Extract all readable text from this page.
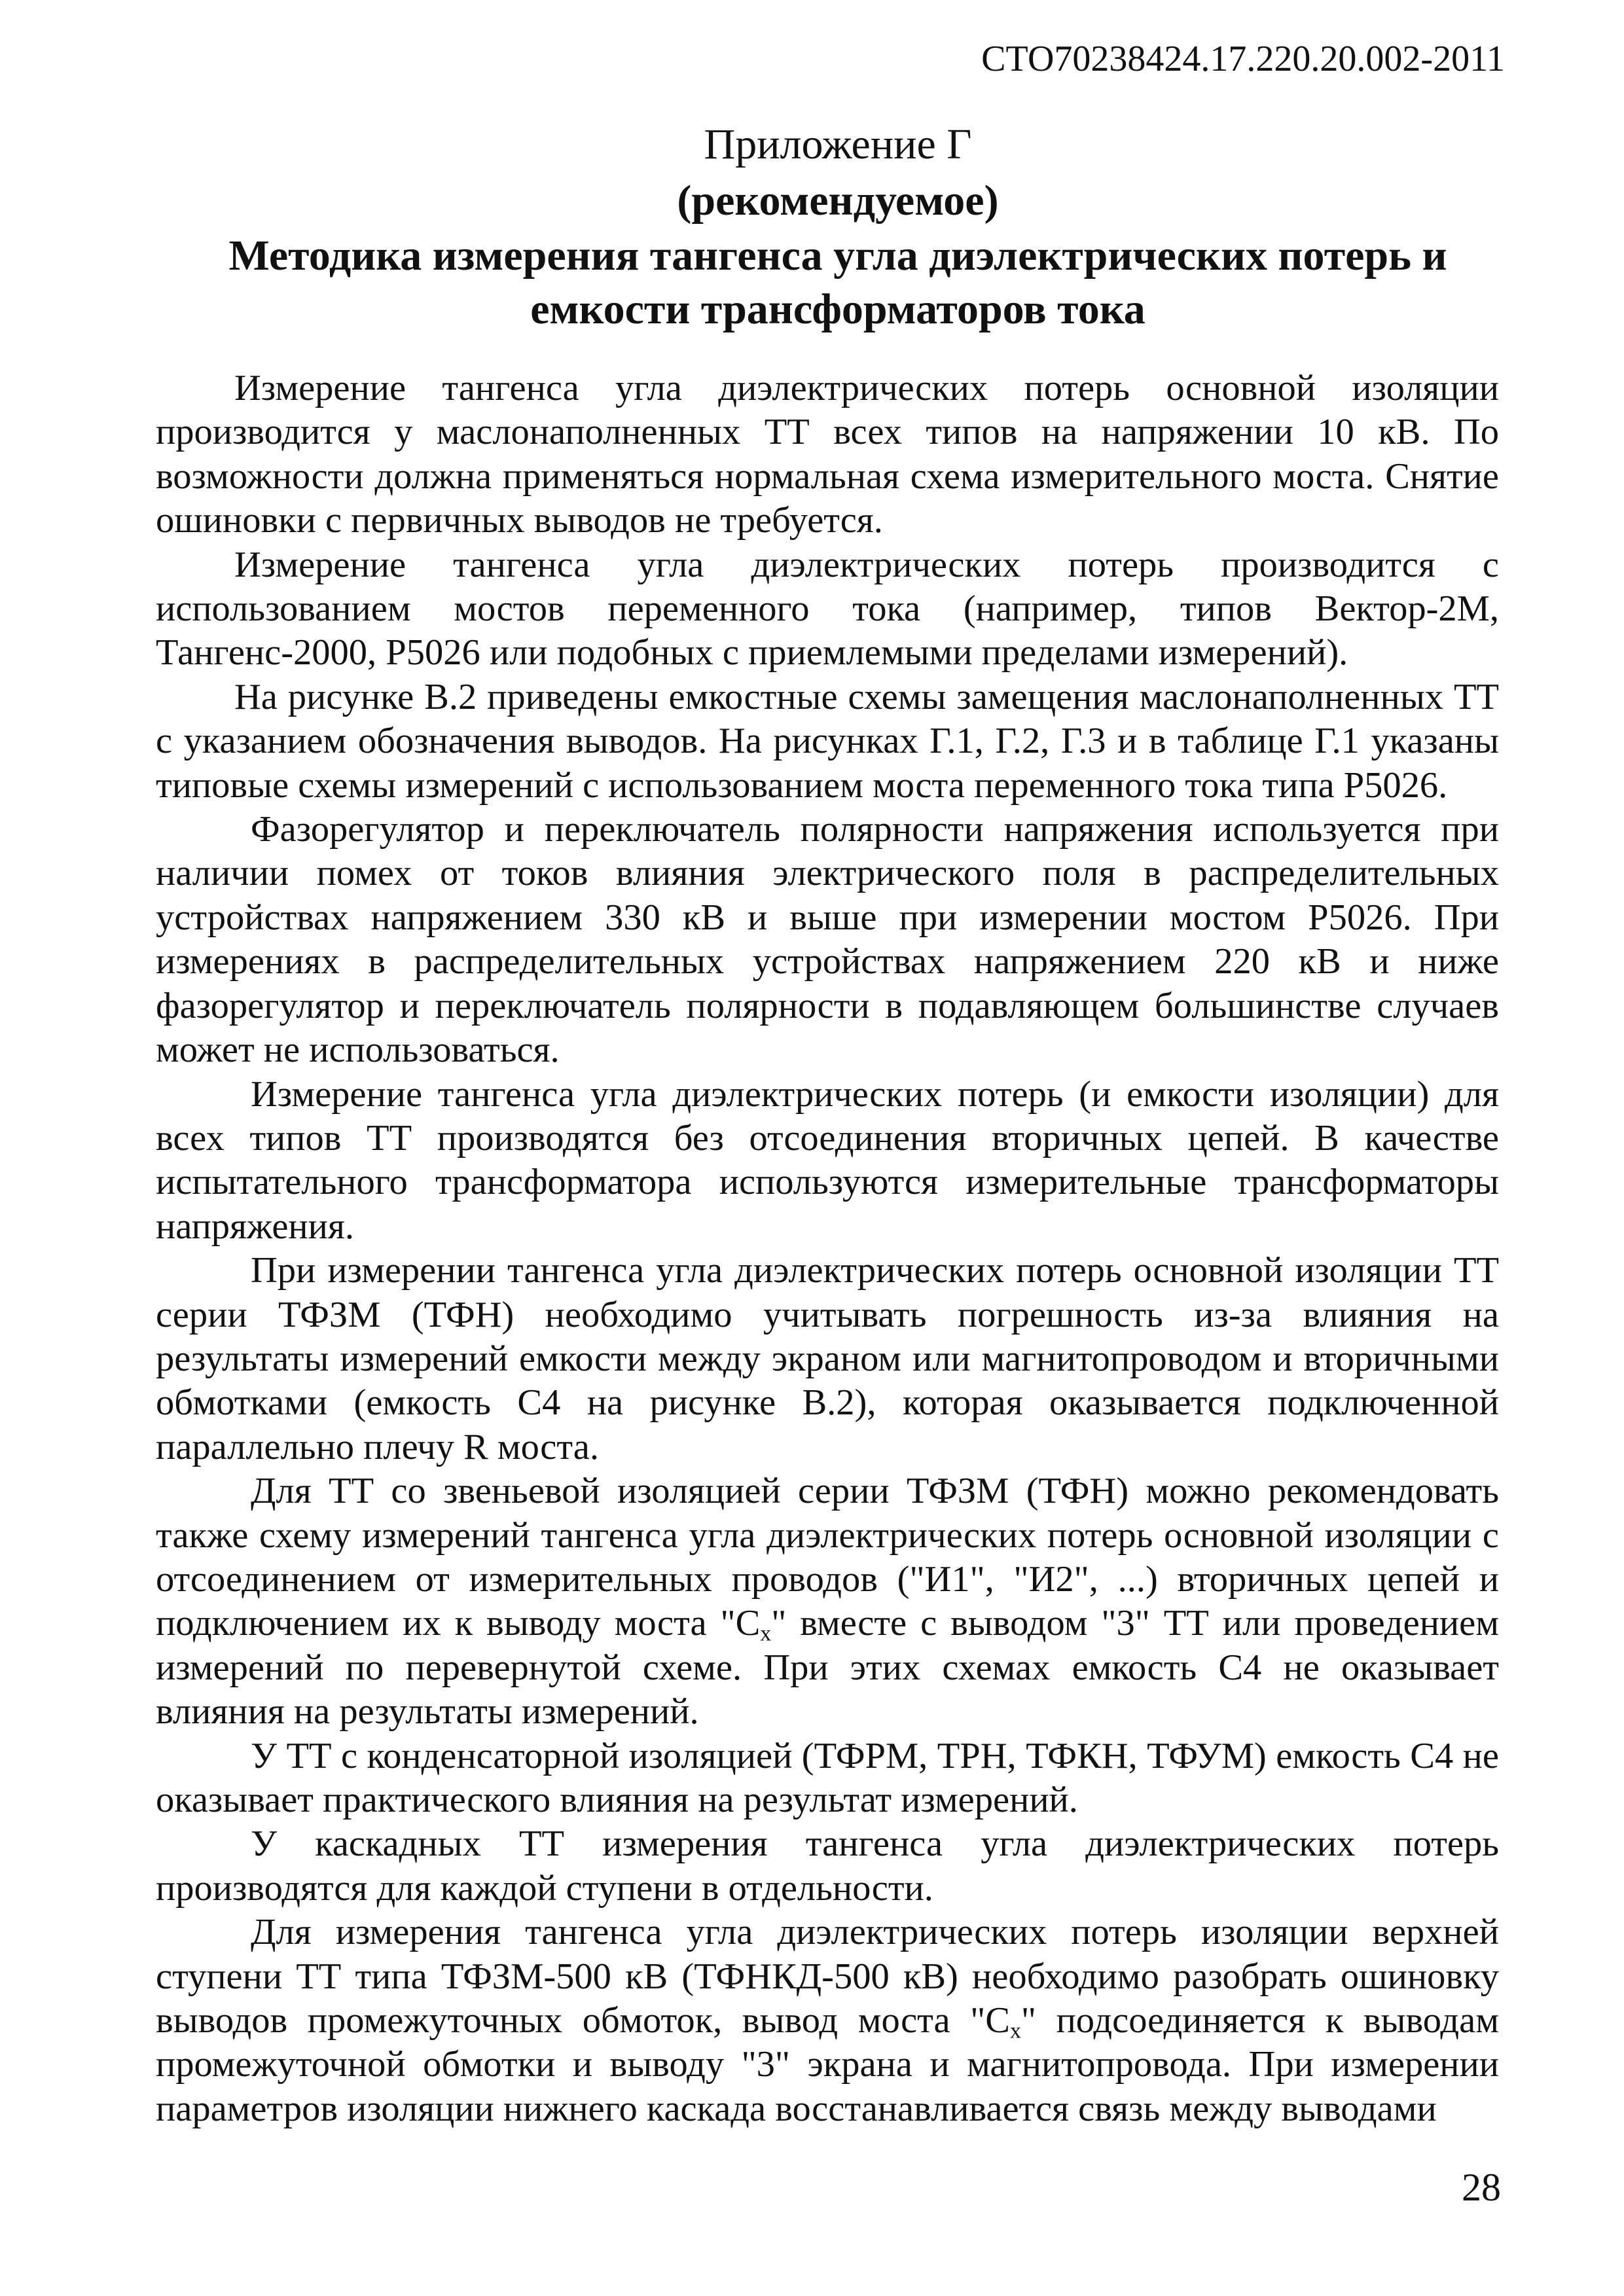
СТО70238424.17.220.20.002-2011
Приложение Г
(рекомендуемое)
Методика измерения тангенса угла диэлектрических потерь и емкости трансформаторов тока

Измерение тангенса угла диэлектрических потерь основной изоляции производится у маслонаполненных ТТ всех типов на напряжении 10 кВ. По возможности должна применяться нормальная схема измерительного моста. Снятие ошиновки с первичных выводов не требуется.

Измерение тангенса угла диэлектрических потерь производится с использованием мостов переменного тока (например, типов Вектор-2М, Тангенс-2000, Р5026 или подобных с приемлемыми пределами измерений).

На рисунке В.2 приведены емкостные схемы замещения маслонаполненных ТТ с указанием обозначения выводов. На рисунках Г.1, Г.2, Г.3 и в таблице Г.1 указаны типовые схемы измерений с использованием моста переменного тока типа Р5026.

Фазорегулятор и переключатель полярности напряжения используется при наличии помех от токов влияния электрического поля в распределительных устройствах напряжением 330 кВ и выше при измерении мостом Р5026. При измерениях в распределительных устройствах напряжением 220 кВ и ниже фазорегулятор и переключатель полярности в подавляющем большинстве случаев может не использоваться.

Измерение тангенса угла диэлектрических потерь (и емкости изоляции) для всех типов ТТ производятся без отсоединения вторичных цепей. В качестве испытательного трансформатора используются измерительные трансформаторы напряжения.

При измерении тангенса угла диэлектрических потерь основной изоляции ТТ серии ТФЗМ (ТФН) необходимо учитывать погрешность из-за влияния на результаты измерений емкости между экраном или магнитопроводом и вторичными обмотками (емкость С4 на рисунке В.2), которая оказывается подключенной параллельно плечу R моста.

Для ТТ со звеньевой изоляцией серии ТФЗМ (ТФН) можно рекомендовать также схему измерений тангенса угла диэлектрических потерь основной изоляции с отсоединением от измерительных проводов ("И1", "И2", ...) вторичных цепей и подключением их к выводу моста "$С_х$" вместе с выводом "3" ТТ или проведением измерений по перевернутой схеме. При этих схемах емкость С4 не оказывает влияния на результаты измерений.

У ТТ с конденсаторной изоляцией (ТФРМ, ТРН, ТФКН, ТФУМ) емкость С4 не оказывает практического влияния на результат измерений.

У каскадных ТТ измерения тангенса угла диэлектрических потерь производятся для каждой ступени в отдельности.

Для измерения тангенса угла диэлектрических потерь изоляции верхней ступени ТТ типа ТФЗМ-500 кВ (ТФНКД-500 кВ) необходимо разобрать ошиновку выводов промежуточных обмоток, вывод моста "$С_х$" подсоединяется к выводам промежуточной обмотки и выводу "3" экрана и магнитопровода. При измерении параметров изоляции нижнего каскада восстанавливается связь между выводами

28
